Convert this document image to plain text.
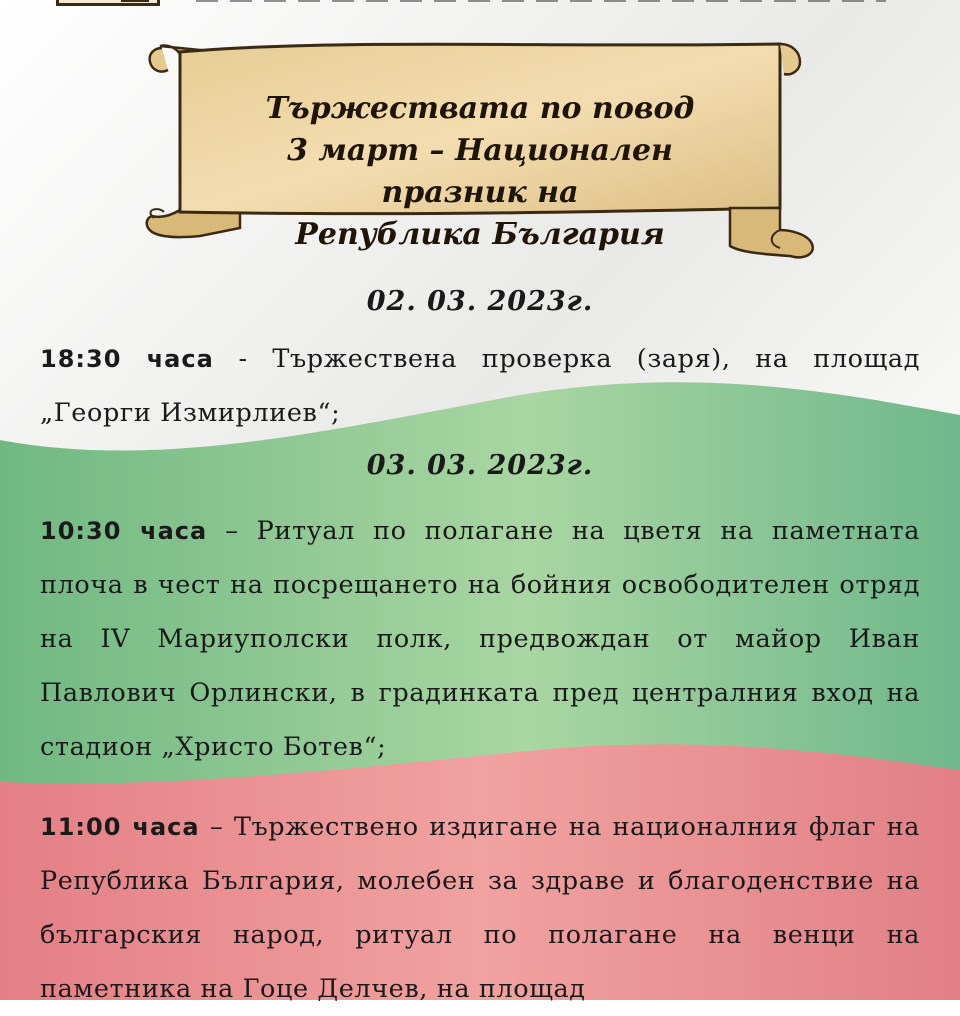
Тържествата по повод
3 март – Национален празник на
Република България
02. 03. 2023г.
18:30 часа - Тържествена проверка (заря), на площад „Георги Измирлиев“;
03. 03. 2023г.
10:30 часа – Ритуал по полагане на цветя на паметната плоча в чест на посрещането на бойния освободителен отряд на IV Мариуполски полк, предвождан от майор Иван Павлович Орлински, в градинката пред централния вход на стадион „Христо Ботев“;
11:00 часа – Тържествено издигане на националния флаг на Република България, молебен за здраве и благоденствие на българския народ, ритуал по полагане на венци на паметника на Гоце Делчев, на площад
